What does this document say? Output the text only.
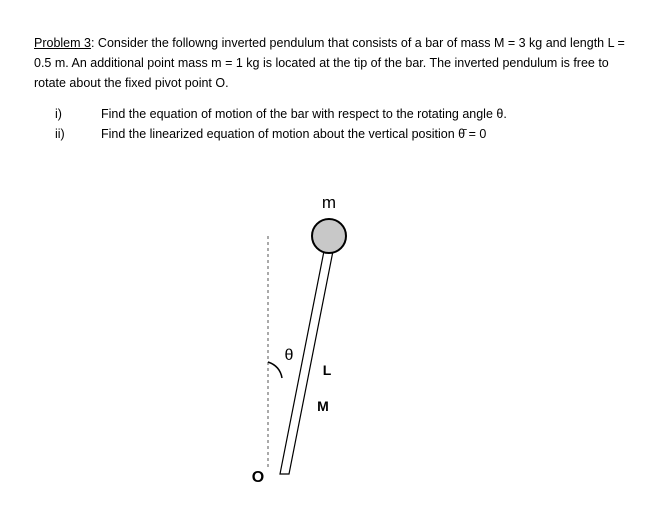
Problem 3: Consider the followng inverted pendulum that consists of a bar of mass M = 3 kg and length L = 0.5 m. An additional point mass m = 1 kg is located at the tip of the bar. The inverted pendulum is free to rotate about the fixed pivot point O.
i)	Find the equation of motion of the bar with respect to the rotating angle θ.
ii)	Find the linearized equation of motion about the vertical position θ̄ = 0
m
θ
L
M
O
